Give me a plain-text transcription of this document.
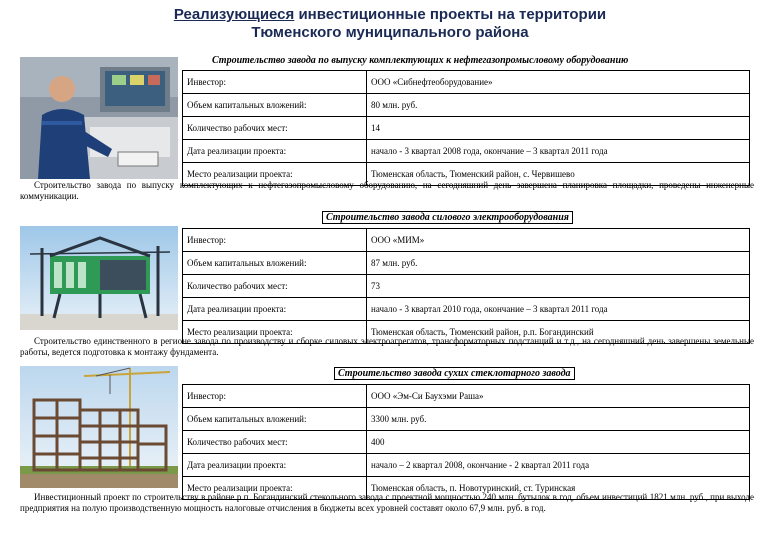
Реализующиеся инвестиционные проекты на территории
Тюменского муниципального района
Строительство завода по выпуску комплектующих к нефтегазопромысловому оборудованию
Инвестор:	ООО «Сибнефтеоборудование»
Объем капитальных вложений:	80 млн. руб.
Количество рабочих мест:	14
Дата реализации проекта:	начало - 3 квартал 2008 года, окончание – 3 квартал 2011 года
Место реализации проекта:	Тюменская область, Тюменский район, с. Червишево

Строительство завода по выпуску комплектующих к нефтегазопромысловому оборудованию, на сегодняшний день завершена планировка площадки, проведены инженерные коммуникации.

Строительство завода силового электрооборудования
Инвестор:	ООО «МИМ»
Объем капитальных вложений:	87 млн. руб.
Количество рабочих мест:	73
Дата реализации проекта:	начало - 3 квартал 2010 года, окончание – 3 квартал 2011 года
Место реализации проекта:	Тюменская область, Тюменский район, р.п. Богандинский

Строительство единственного в регионе завода по производству и сборке силовых электроагрегатов, трансформаторных подстанций и т.д., на сегодняшний день завершены земельные работы, ведется подготовка к монтажу фундамента.

Строительство завода сухих стеклотарного завода
Инвестор:	ООО «Эм-Си Баухэми Раша»
Объем капитальных вложений:	3300 млн. руб.
Количество рабочих мест:	400
Дата реализации проекта:	начало – 2 квартал 2008, окончание - 2 квартал 2011 года
Место реализации проекта:	Тюменская область, п. Новотуринский, ст. Туринская

Инвестиционный проект по строительству в районе р.п. Богандинский стекольного завода с проектной мощностью 240 млн. бутылок в год, объем инвестиций 1821 млн. руб., при выходе предприятия на полую производственную мощность налоговые отчисления в бюджеты всех уровней составят около 67,9 млн. руб. в год.
